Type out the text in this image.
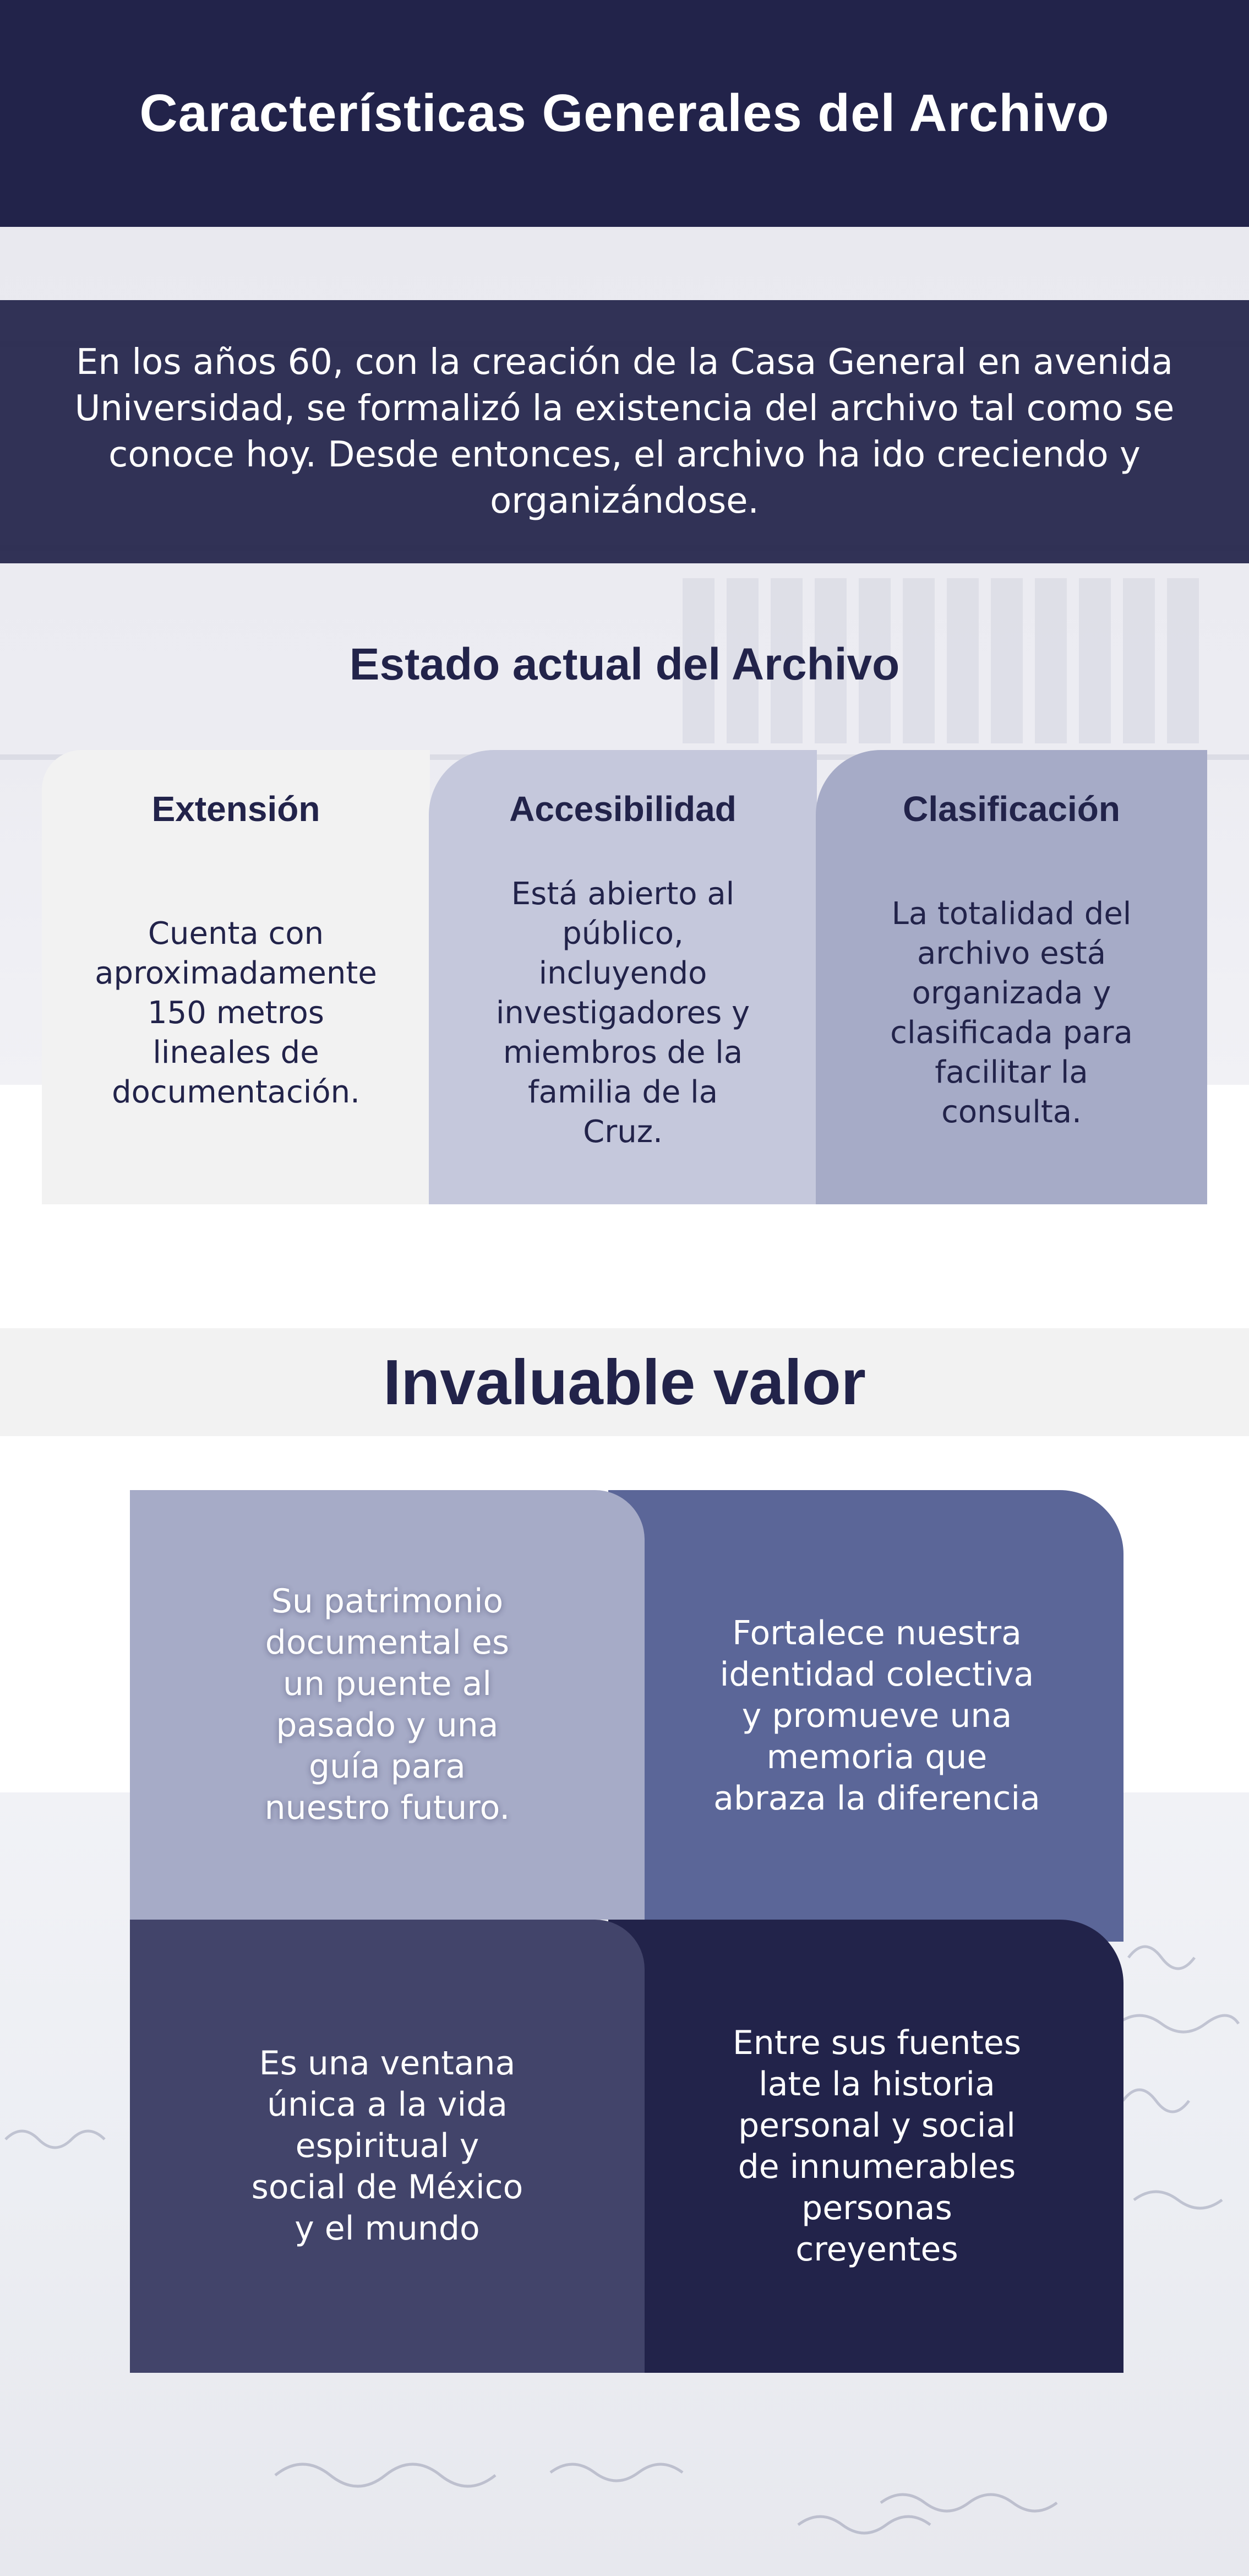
Características Generales del Archivo

En los años 60, con la creación de la Casa General en avenida Universidad, se formalizó la existencia del archivo tal como se conoce hoy. Desde entonces, el archivo ha ido creciendo y organizándose.

Estado actual del Archivo
Extensión
Cuenta con
aproximadamente
150 metros
lineales de
documentación.
Accesibilidad
Está abierto al
público,
incluyendo
investigadores y
miembros de la
familia de la
Cruz.
Clasificación
La totalidad del
archivo está
organizada y
clasificada para
facilitar la
consulta.
Invaluable valor
Fortalece nuestra
identidad colectiva
y promueve una
memoria que
abraza la diferencia
Su patrimonio
documental es
un puente al
pasado y una
guía para
nuestro futuro.
Entre sus fuentes
late la historia
personal y social
de innumerables
personas
creyentes
Es una ventana
única a la vida
espiritual y
social de México
y el mundo
